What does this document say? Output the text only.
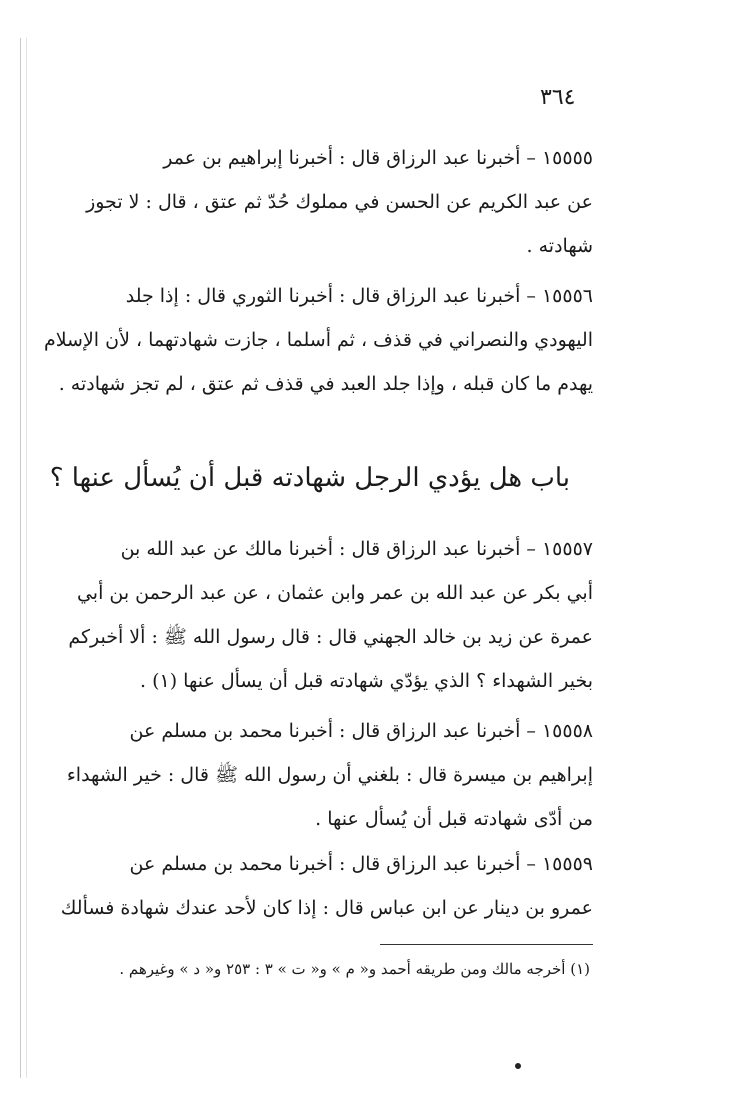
٣٦٤
١٥٥٥٥ – أخبرنا عبد الرزاق قال : أخبرنا إبراهيم بن عمر
عن عبد الكريم عن الحسن في مملوك حُدّ ثم عتق ، قال : لا تجوز
شهادته .
١٥٥٥٦ – أخبرنا عبد الرزاق قال : أخبرنا الثوري قال : إذا جلد
اليهودي والنصراني في قذف ، ثم أسلما ، جازت شهادتهما ، لأن الإسلام
يهدم ما كان قبله ، وإذا جلد العبد في قذف ثم عتق ، لم تجز شهادته .
باب هل يؤدي الرجل شهادته قبل أن يُسأل عنها ؟
١٥٥٥٧ – أخبرنا عبد الرزاق قال : أخبرنا مالك عن عبد الله بن
أبي بكر عن عبد الله بن عمر وابن عثمان ، عن عبد الرحمن بن أبي
عمرة عن زيد بن خالد الجهني قال : قال رسول الله ﷺ : ألا أخبركم
بخير الشهداء ؟ الذي يؤدّي شهادته قبل أن يسأل عنها (١) .
١٥٥٥٨ – أخبرنا عبد الرزاق قال : أخبرنا محمد بن مسلم عن
إبراهيم بن ميسرة قال : بلغني أن رسول الله ﷺ قال : خير الشهداء
من أدّى شهادته قبل أن يُسأل عنها .
١٥٥٥٩ – أخبرنا عبد الرزاق قال : أخبرنا محمد بن مسلم عن
عمرو بن دينار عن ابن عباس قال : إذا كان لأحد عندك شهادة فسألك
(١) أخرجه مالك ومن طريقه أحمد و« م » و« ت » ٣ : ٢٥٣ و« د » وغيرهم .
